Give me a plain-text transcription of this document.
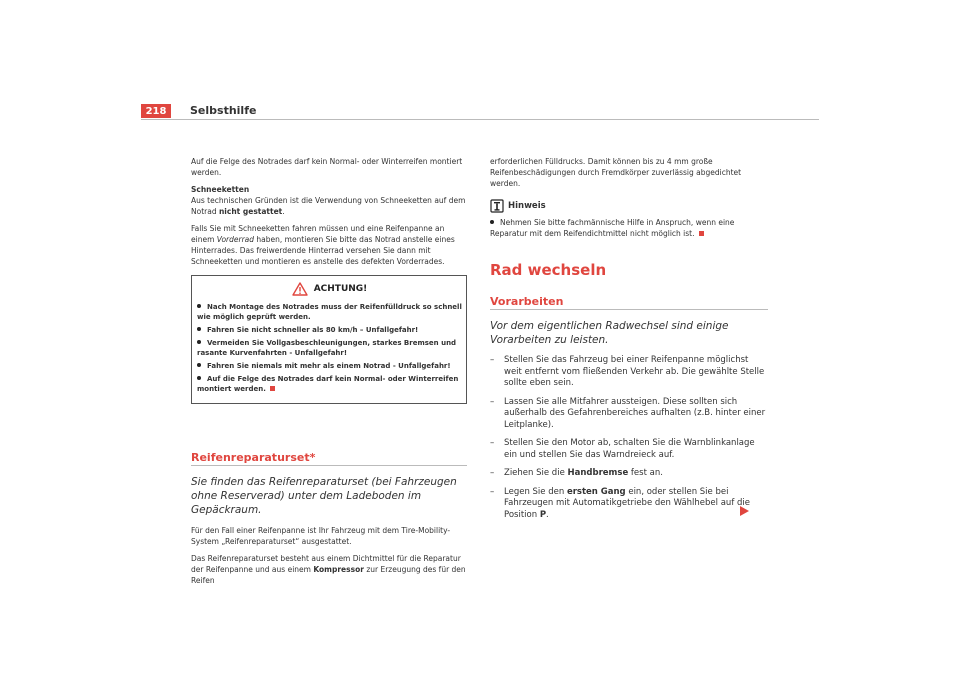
218	Selbsthilfe

Auf die Felge des Notrades darf kein Normal- oder Winterreifen montiert werden.

Schneeketten

Aus technischen Gründen ist die Verwendung von Schneeketten auf dem Notrad nicht gestattet.

Falls Sie mit Schneeketten fahren müssen und eine Reifenpanne an einem Vorderrad haben, montieren Sie bitte das Notrad anstelle eines Hinterrades. Das freiwerdende Hinterrad versehen Sie dann mit Schneeketten und montieren es anstelle des defekten Vorderrades.

ACHTUNG!
Nach Montage des Notrades muss der Reifenfülldruck so schnell wie möglich geprüft werden.
Fahren Sie nicht schneller als 80 km/h – Unfallgefahr!
Vermeiden Sie Vollgasbeschleunigungen, starkes Bremsen und rasante Kurvenfahrten - Unfallgefahr!
Fahren Sie niemals mit mehr als einem Notrad - Unfallgefahr!
Auf die Felge des Notrades darf kein Normal- oder Winterreifen montiert werden.
Reifenreparaturset*
Sie finden das Reifenreparaturset (bei Fahrzeugen ohne Reserverad) unter dem Ladeboden im Gepäckraum.

Für den Fall einer Reifenpanne ist Ihr Fahrzeug mit dem Tire-Mobility-System „Reifenreparaturset“ ausgestattet.

Das Reifenreparaturset besteht aus einem Dichtmittel für die Reparatur der Reifenpanne und aus einem Kompressor zur Erzeugung des für den Reifen

erforderlichen Fülldrucks. Damit können bis zu 4 mm große Reifenbeschädigungen durch Fremdkörper zuverlässig abgedichtet werden.

Hinweis

Nehmen Sie bitte fachmännische Hilfe in Anspruch, wenn eine Reparatur mit dem Reifendichtmittel nicht möglich ist.

Rad wechseln
Vorarbeiten
Vor dem eigentlichen Radwechsel sind einige Vorarbeiten zu leisten.
–	Stellen Sie das Fahrzeug bei einer Reifenpanne möglichst weit entfernt vom fließenden Verkehr ab. Die gewählte Stelle sollte eben sein.
–	Lassen Sie alle Mitfahrer aussteigen. Diese sollten sich außerhalb des Gefahrenbereiches aufhalten (z.B. hinter einer Leitplanke).
–	Stellen Sie den Motor ab, schalten Sie die Warnblinkanlage ein und stellen Sie das Warndreieck auf.
–	Ziehen Sie die Handbremse fest an.
–	Legen Sie den ersten Gang ein, oder stellen Sie bei Fahrzeugen mit Automatikgetriebe den Wählhebel auf die Position P.
